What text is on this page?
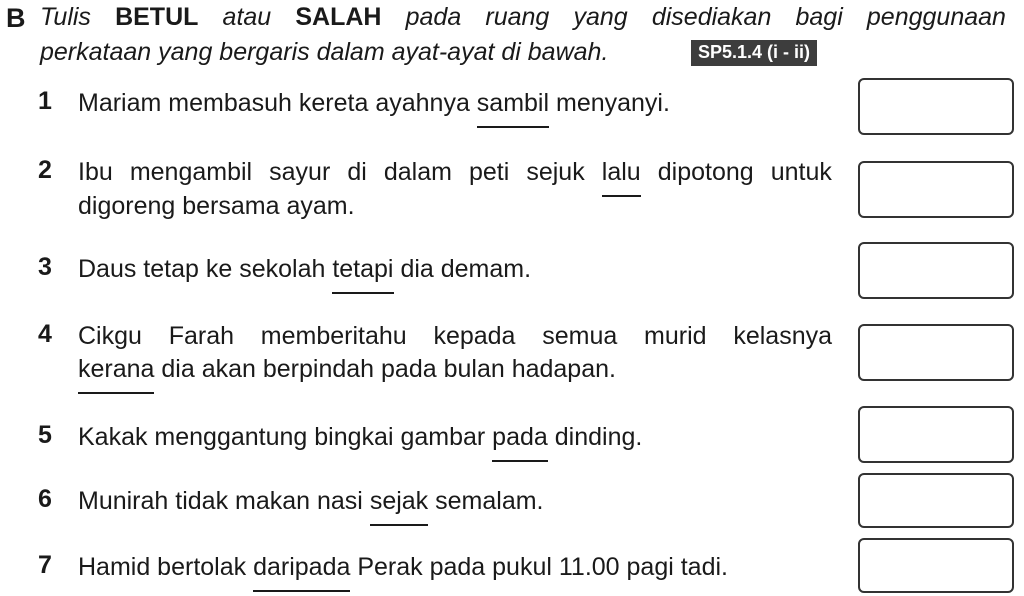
B Tulis BETUL atau SALAH pada ruang yang disediakan bagi penggunaan
perkataan yang bergaris dalam ayat-ayat di bawah.	SP5.1.4 (i - ii)
1 Mariam membasuh kereta ayahnya sambil menyanyi.
2 Ibu mengambil sayur di dalam peti sejuk lalu dipotong untuk
digoreng bersama ayam.
3 Daus tetap ke sekolah tetapi dia demam.
4 Cikgu Farah memberitahu kepada semua murid kelasnya
kerana dia akan berpindah pada bulan hadapan.
5 Kakak menggantung bingkai gambar pada dinding.
6 Munirah tidak makan nasi sejak semalam.
7 Hamid bertolak daripada Perak pada pukul 11.00 pagi tadi.
